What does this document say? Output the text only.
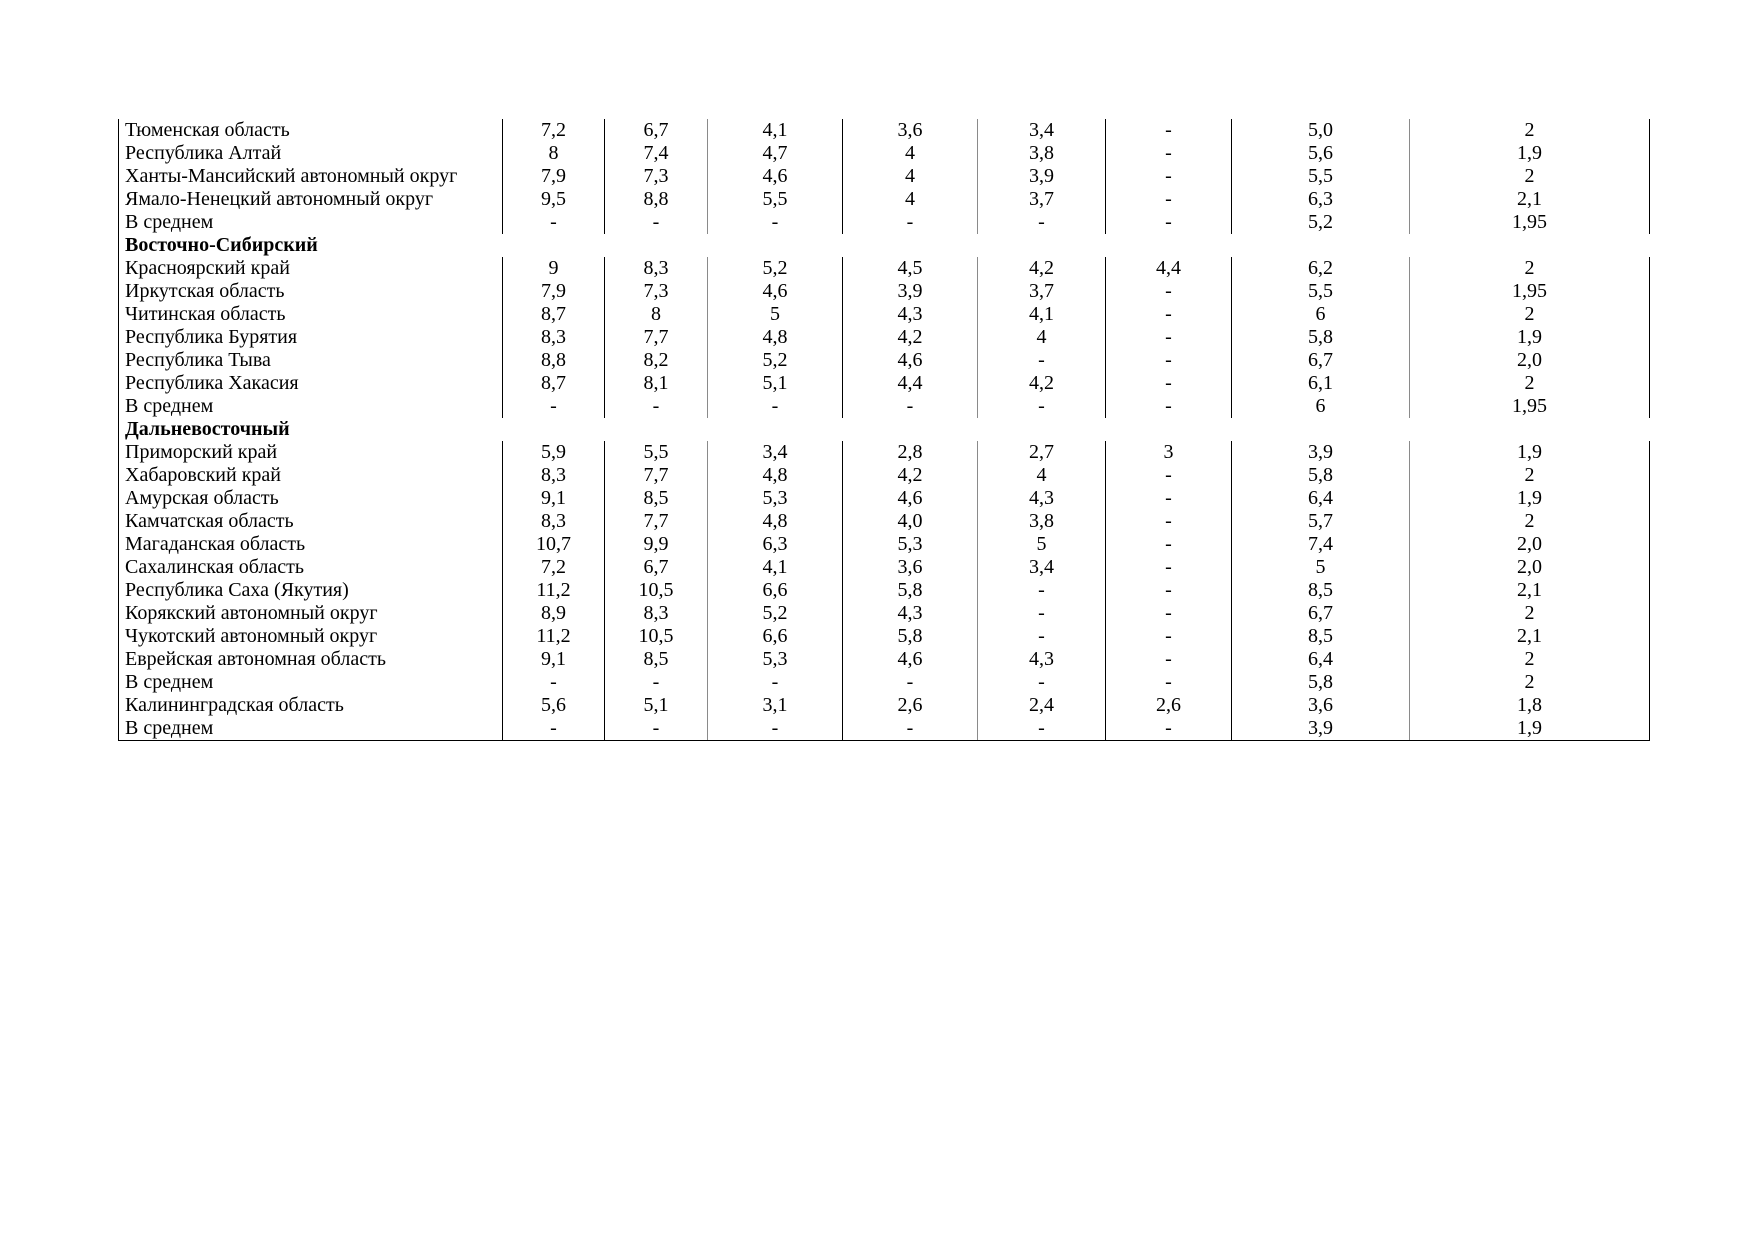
Тюменская область	7,2	6,7	4,1	3,6	3,4	-	5,0	2
Республика Алтай	8	7,4	4,7	4	3,8	-	5,6	1,9
Ханты-Мансийский автономный округ	7,9	7,3	4,6	4	3,9	-	5,5	2
Ямало-Ненецкий автономный округ	9,5	8,8	5,5	4	3,7	-	6,3	2,1
В среднем	-	-	-	-	-	-	5,2	1,95
Восточно-Сибирский								
Красноярский край	9	8,3	5,2	4,5	4,2	4,4	6,2	2
Иркутская область	7,9	7,3	4,6	3,9	3,7	-	5,5	1,95
Читинская область	8,7	8	5	4,3	4,1	-	6	2
Республика Бурятия	8,3	7,7	4,8	4,2	4	-	5,8	1,9
Республика Тыва	8,8	8,2	5,2	4,6	-	-	6,7	2,0
Республика Хакасия	8,7	8,1	5,1	4,4	4,2	-	6,1	2
В среднем	-	-	-	-	-	-	6	1,95
Дальневосточный								
Приморский край	5,9	5,5	3,4	2,8	2,7	3	3,9	1,9
Хабаровский край	8,3	7,7	4,8	4,2	4	-	5,8	2
Амурская область	9,1	8,5	5,3	4,6	4,3	-	6,4	1,9
Камчатская область	8,3	7,7	4,8	4,0	3,8	-	5,7	2
Магаданская область	10,7	9,9	6,3	5,3	5	-	7,4	2,0
Сахалинская область	7,2	6,7	4,1	3,6	3,4	-	5	2,0
Республика Саха (Якутия)	11,2	10,5	6,6	5,8	-	-	8,5	2,1
Корякский автономный округ	8,9	8,3	5,2	4,3	-	-	6,7	2
Чукотский автономный округ	11,2	10,5	6,6	5,8	-	-	8,5	2,1
Еврейская автономная область	9,1	8,5	5,3	4,6	4,3	-	6,4	2
В среднем	-	-	-	-	-	-	5,8	2
Калининградская область	5,6	5,1	3,1	2,6	2,4	2,6	3,6	1,8
В среднем	-	-	-	-	-	-	3,9	1,9
